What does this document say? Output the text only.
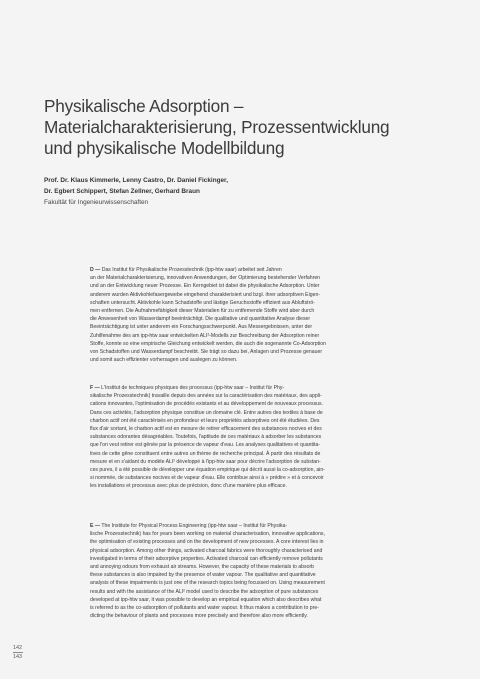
Physikalische Adsorption –
Materialcharakterisierung, Prozessentwicklung
und physikalische Modellbildung
Prof. Dr. Klaus Kimmerle, Lenny Castro, Dr. Daniel Fickinger,
Dr. Egbert Schippert, Stefan Zellner, Gerhard Braun
Fakultät für Ingenieurwissenschaften
D — Das Institut für Physikalische Prozesstechnik (ipp-htw saar) arbeitet seit Jahren
an der Materialcharakterisierung, innovativen Anwendungen, der Optimierung bestehender Verfahren
und an der Entwicklung neuer Prozesse. Ein Kerngebiet ist dabei die physikalische Adsorption. Unter
anderem wurden Aktivkohlefasergewebe eingehend charakterisiert und bzgl. ihrer adsorptiven Eigen-
schaften untersucht. Aktivkohle kann Schadstoffe und lästige Geruchsstoffe effizient aus Abluftströ-
men entfernen. Die Aufnahmefähigkeit dieser Materialien für zu entfernende Stoffe wird aber durch
die Anwesenheit von Wasserdampf beeinträchtigt. Die qualitative und quantitative Analyse dieser
Beeinträchtigung ist unter anderem ein Forschungsschwerpunkt. Aus Messergebnissen, unter der
Zuhilfenahme des am ipp-htw saar entwickelten ALI²-Modells zur Beschreibung der Adsorption reiner
Stoffe, konnte so eine empirische Gleichung entwickelt werden, die auch die sogenannte Co-Adsorption
von Schadstoffen und Wasserdampf beschreibt. Sie trägt so dazu bei, Anlagen und Prozesse genauer
und somit auch effizienter vorhersagen und auslegen zu können.
F — L'Institut de techniques physiques des processus (ipp-htw saar – Institut für Phy-
sikalische Prozesstechnik) travaille depuis des années sur la caractérisation des matériaux, des appli-
cations innovantes, l'optimisation de procédés existants et au développement de nouveaux processus.
Dans ces activités, l'adsorption physique constitue un domaine clé. Entre autres des textiles à base de
charbon actif ont été caractérisés en profondeur et leurs propriétés adsorptives ont été étudiées. Des
flux d'air sortant, le charbon actif est en mesure de retirer efficacement des substances nocives et des
substances odorantes désagréables. Toutefois, l'aptitude de ces matériaux à adsorber les substances
que l'on veut retirer est gênée par la présence de vapeur d'eau. Les analyses qualitatives et quantita-
tives de cette gêne constituent entre autres un thème de recherche principal. À partir des résultats de
mesure et en s'aidant du modèle ALI² développé à l'ipp-htw saar pour décrire l'adsorption de substan-
ces pures, il a été possible de développer une équation empirique qui décrit aussi la co-adsorption, ain-
si nommée, de substances nocives et de vapeur d'eau. Elle contribue ainsi à « prédire » et à concevoir
les installations et processus avec plus de précision, donc d'une manière plus efficace.
E — The Institute for Physical Process Engineering (ipp-htw saar – Institut für Physika-
lische Prozesstechnik) has for years been working on material characterisation, innovative applications,
the optimisation of existing processes and on the development of new processes. A core interest lies in
physical adsorption. Among other things, activated charcoal fabrics were thoroughly characterised and
investigated in terms of their adsorptive properties. Activated charcoal can efficiently remove pollutants
and annoying odours from exhaust air streams. However, the capacity of these materials to absorb
these substances is also impaired by the presence of water vapour. The qualitative and quantitative
analysis of these impairments is just one of the research topics being focussed on. Using measurement
results and with the assistance of the ALI² model used to describe the adsorption of pure substances
developed at ipp-htw saar, it was possible to develop an empirical equation which also describes what
is referred to as the co-adsorption of pollutants and water vapour. It thus makes a contribution to pre-
dicting the behaviour of plants and processes more precisely and therefore also more efficiently.
142
143
